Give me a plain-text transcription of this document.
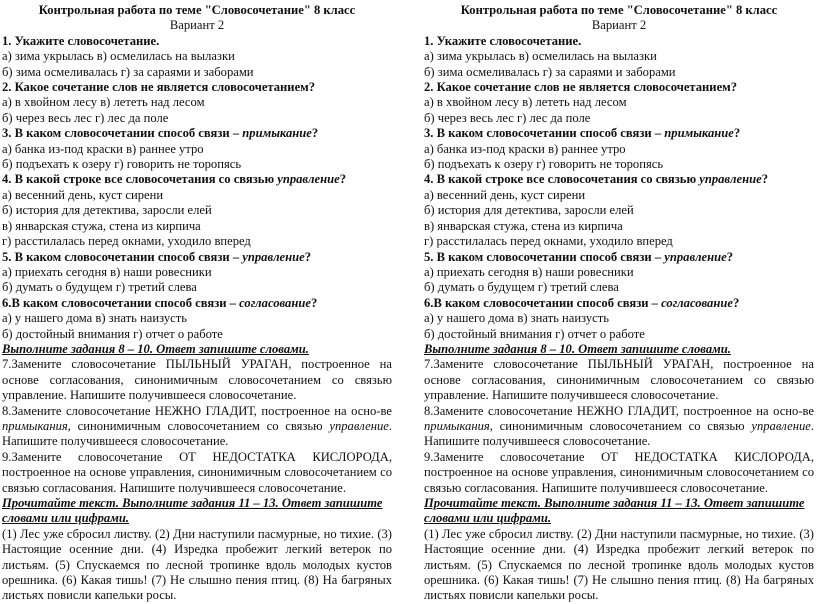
Контрольная работа по теме "Словосочетание" 8 класс

Вариант 2

1. Укажите словосочетание.

а) зима укрылась в) осмелилась на вылазки

б) зима осмеливалась г) за сараями и заборами

2. Какое сочетание слов не является словосочетанием?

а) в хвойном лесу в) лететь над лесом

б) через весь лес г) лес да поле

3. В каком словосочетании способ связи – примыкание?

а) банка из-под краски в) раннее утро

б) подъехать к озеру г) говорить не торопясь

4. В какой строке все словосочетания со связью управление?

а) весенний день, куст сирени

б) история для детектива, заросли елей

в) январская стужа, стена из кирпича

г) расстилалась перед окнами, уходило вперед

5. В каком словосочетании способ связи – управление?

а) приехать сегодня в) наши ровесники

б) думать о будущем г) третий слева

6.В каком словосочетании способ связи – согласование?

а) у нашего дома в) знать наизусть

б) достойный внимания г) отчет о работе

Выполните задания 8 – 10. Ответ запишите словами.

7.Замените словосочетание ПЫЛЬНЫЙ УРАГАН, построенное на основе согласования, синонимичным словосочетанием со связью управление. Напишите получившееся словосочетание.

8.Замените словосочетание НЕЖНО ГЛАДИТ, построенное на осно-ве примыкания, синонимичным словосочетанием со связью управление. Напишите получившееся словосочетание.

9.Замените словосочетание ОТ НЕДОСТАТКА КИСЛОРОДА, построенное на основе управления, синонимичным словосочетанием со связью согласования. Напишите получившееся словосочетание.

Прочитайте текст. Выполните задания 11 – 13. Ответ запишите словами или цифрами.

(1) Лес уже сбросил листву. (2) Дни наступили пасмурные, но тихие. (3) Настоящие осенние дни. (4) Изредка пробежит легкий ветерок по листьям. (5) Спускаемся по лесной тропинке вдоль молодых кустов орешника. (6) Какая тишь! (7) Не слышно пения птиц. (8) На багряных листьях повисли капельки росы.

Контрольная работа по теме "Словосочетание" 8 класс

Вариант 2

1. Укажите словосочетание.

а) зима укрылась в) осмелилась на вылазки

б) зима осмеливалась г) за сараями и заборами

2. Какое сочетание слов не является словосочетанием?

а) в хвойном лесу в) лететь над лесом

б) через весь лес г) лес да поле

3. В каком словосочетании способ связи – примыкание?

а) банка из-под краски в) раннее утро

б) подъехать к озеру г) говорить не торопясь

4. В какой строке все словосочетания со связью управление?

а) весенний день, куст сирени

б) история для детектива, заросли елей

в) январская стужа, стена из кирпича

г) расстилалась перед окнами, уходило вперед

5. В каком словосочетании способ связи – управление?

а) приехать сегодня в) наши ровесники

б) думать о будущем г) третий слева

6.В каком словосочетании способ связи – согласование?

а) у нашего дома в) знать наизусть

б) достойный внимания г) отчет о работе

Выполните задания 8 – 10. Ответ запишите словами.

7.Замените словосочетание ПЫЛЬНЫЙ УРАГАН, построенное на основе согласования, синонимичным словосочетанием со связью управление. Напишите получившееся словосочетание.

8.Замените словосочетание НЕЖНО ГЛАДИТ, построенное на осно-ве примыкания, синонимичным словосочетанием со связью управление. Напишите получившееся словосочетание.

9.Замените словосочетание ОТ НЕДОСТАТКА КИСЛОРОДА, построенное на основе управления, синонимичным словосочетанием со связью согласования. Напишите получившееся словосочетание.

Прочитайте текст. Выполните задания 11 – 13. Ответ запишите словами или цифрами.

(1) Лес уже сбросил листву. (2) Дни наступили пасмурные, но тихие. (3) Настоящие осенние дни. (4) Изредка пробежит легкий ветерок по листьям. (5) Спускаемся по лесной тропинке вдоль молодых кустов орешника. (6) Какая тишь! (7) Не слышно пения птиц. (8) На багряных листьях повисли капельки росы.
